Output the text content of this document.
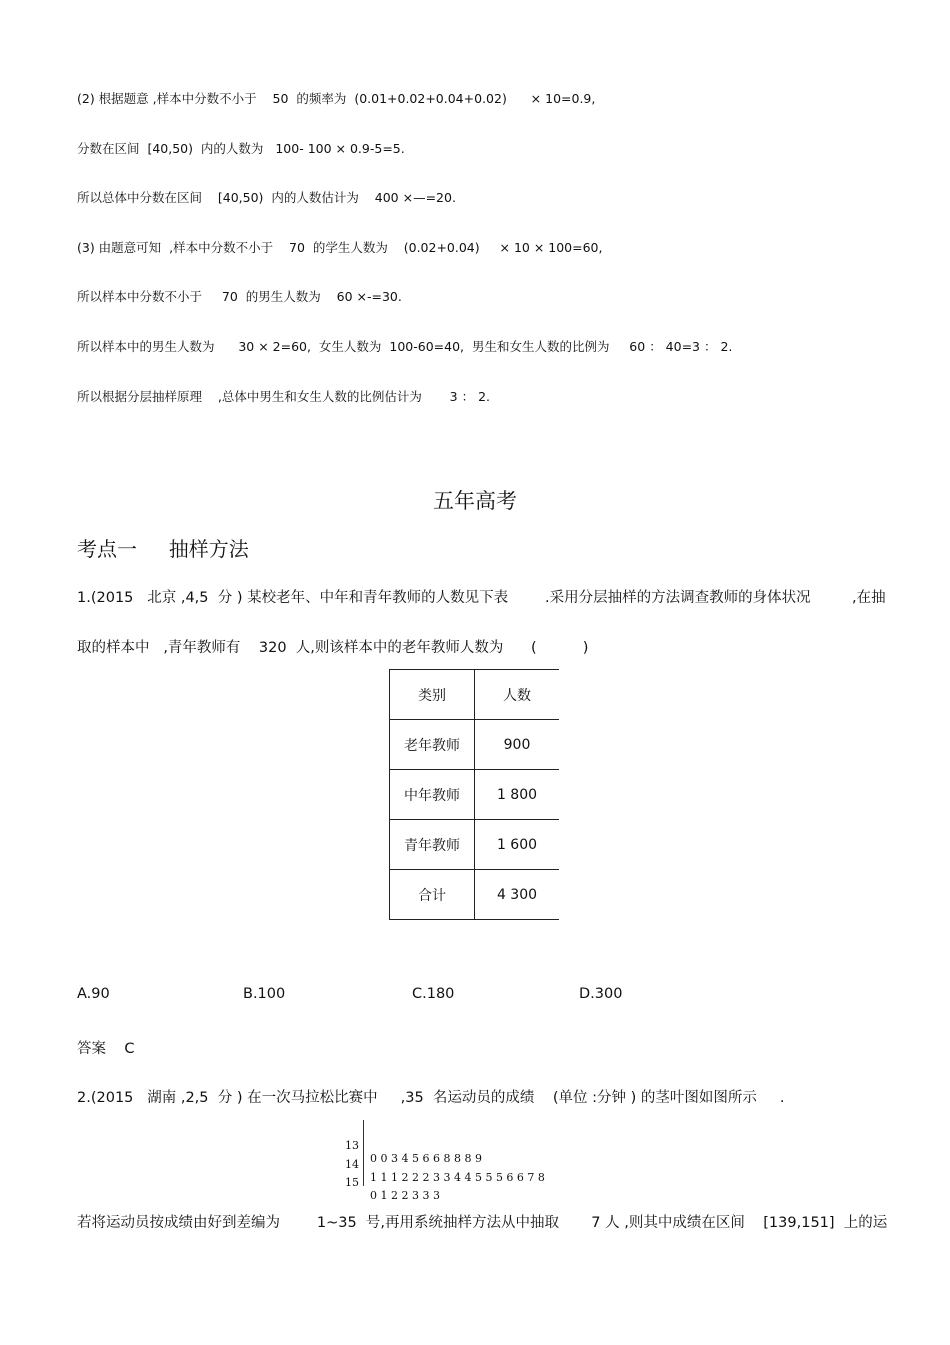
(2) 根据题意 ,样本中分数不小于    50  的频率为  (0.01+0.02+0.04+0.02)      × 10=0.9,
分数在区间  [40,50)  内的人数为   100- 100 × 0.9-5=5.
所以总体中分数在区间    [40,50)  内的人数估计为    400 ×—=20.
(3) 由题意可知  ,样本中分数不小于    70  的学生人数为    (0.02+0.04)     × 10 × 100=60,
所以样本中分数不小于     70  的男生人数为    60 ×-=30.
所以样本中的男生人数为      30 × 2=60,  女生人数为  100-60=40,  男生和女生人数的比例为     60 ： 40=3 ： 2.
所以根据分层抽样原理    ,总体中男生和女生人数的比例估计为       3 ： 2.
五年高考
考点一     抽样方法
1.(2015   北京 ,4,5  分 ) 某校老年、中年和青年教师的人数见下表        .采用分层抽样的方法调查教师的身体状况         ,在抽
取的样本中   ,青年教师有    320  人,则该样本中的老年教师人数为      (          )
类别	人数
老年教师	900
中年教师	1 800
青年教师	1 600
合计	4 300
A.90	B.100	C.180	D.300
答案    C
2.(2015   湖南 ,2,5  分 ) 在一次马拉松比赛中     ,35  名运动员的成绩    (单位 :分钟 ) 的茎叶图如图所示     .

13

0 0 3 4 5 6 6 8 8 8 9

14

1 1 1 2 2 2 3 3 4 4 5 5 5 6 6 7 8

15

0 1 2 2 3 3 3

若将运动员按成绩由好到差编为        1~35  号,再用系统抽样方法从中抽取       7 人 ,则其中成绩在区间    [139,151]  上的运
